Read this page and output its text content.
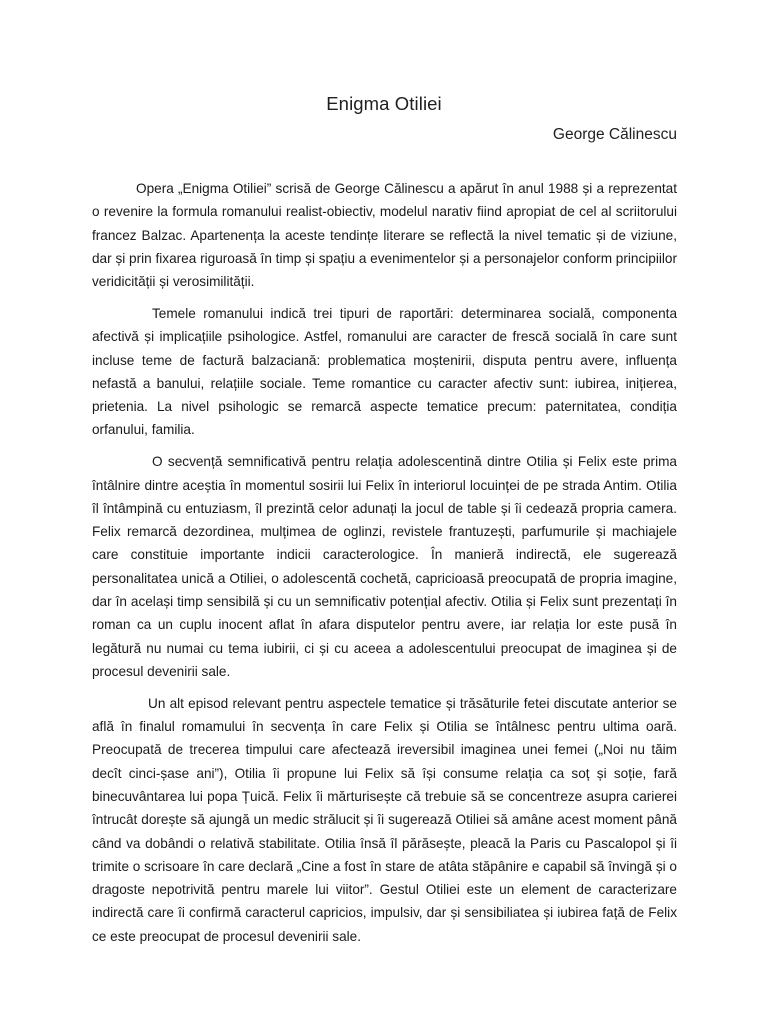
Enigma Otiliei
George Călinescu

Opera „Enigma Otiliei” scrisă de George Călinescu a apărut în anul 1988 și a reprezentat o revenire la formula romanului realist-obiectiv, modelul narativ fiind apropiat de cel al scriitorului francez Balzac. Apartenența la aceste tendințe literare se reflectă la nivel tematic și de viziune, dar și prin fixarea riguroasă în timp și spațiu a evenimentelor și a personajelor conform principiilor veridicității și verosimilității.

Temele romanului indică trei tipuri de raportări: determinarea socială, componenta afectivă și implicațiile psihologice. Astfel, romanului are caracter de frescă socială în care sunt incluse teme de factură balzaciană: problematica moștenirii, disputa pentru avere, influența nefastă a banului, relațiile sociale. Teme romantice cu caracter afectiv sunt: iubirea, inițierea, prietenia. La nivel psihologic se remarcă aspecte tematice precum: paternitatea, condiția orfanului, familia.

O secvență semnificativă pentru relația adolescentină dintre Otilia și Felix este prima întâlnire dintre aceștia în momentul sosirii lui Felix în interiorul locuinței de pe strada Antim. Otilia îl întâmpină cu entuziasm, îl prezintă celor adunați la jocul de table și îi cedează propria camera. Felix remarcă dezordinea, mulțimea de oglinzi, revistele frantuzești, parfumurile și machiajele care constituie importante indicii caracterologice. În manieră indirectă, ele sugerează personalitatea unică a Otiliei, o adolescentă cochetă, capricioasă preocupată de propria imagine, dar în același timp sensibilă și cu un semnificativ potențial afectiv. Otilia și Felix sunt prezentați în roman ca un cuplu inocent aflat în afara disputelor pentru avere, iar relația lor este pusă în legătură nu numai cu tema iubirii, ci și cu aceea a adolescentului preocupat de imaginea și de procesul devenirii sale.

Un alt episod relevant pentru aspectele tematice și trăsăturile fetei discutate anterior se află în finalul romamului în secvența în care Felix și Otilia se întâlnesc pentru ultima oară. Preocupată de trecerea timpului care afectează ireversibil imaginea unei femei („Noi nu tăim decît cinci-șase ani”), Otilia îi propune lui Felix să își consume relația ca soț și soție, fară binecuvântarea lui popa Țuică. Felix îi mărturisește că trebuie să se concentreze asupra carierei întrucât dorește să ajungă un medic strălucit și îi sugerează Otiliei să amâne acest moment până când va dobândi o relativă stabilitate. Otilia însă îl părăsește, pleacă la Paris cu Pascalopol și îi trimite o scrisoare în care declară „Cine a fost în stare de atâta stăpânire e capabil să învingă și o dragoste nepotrivită pentru marele lui viitor”. Gestul Otiliei este un element de caracterizare indirectă care îi confirmă caracterul capricios, impulsiv, dar și sensibiliatea și iubirea față de Felix ce este preocupat de procesul devenirii sale.
